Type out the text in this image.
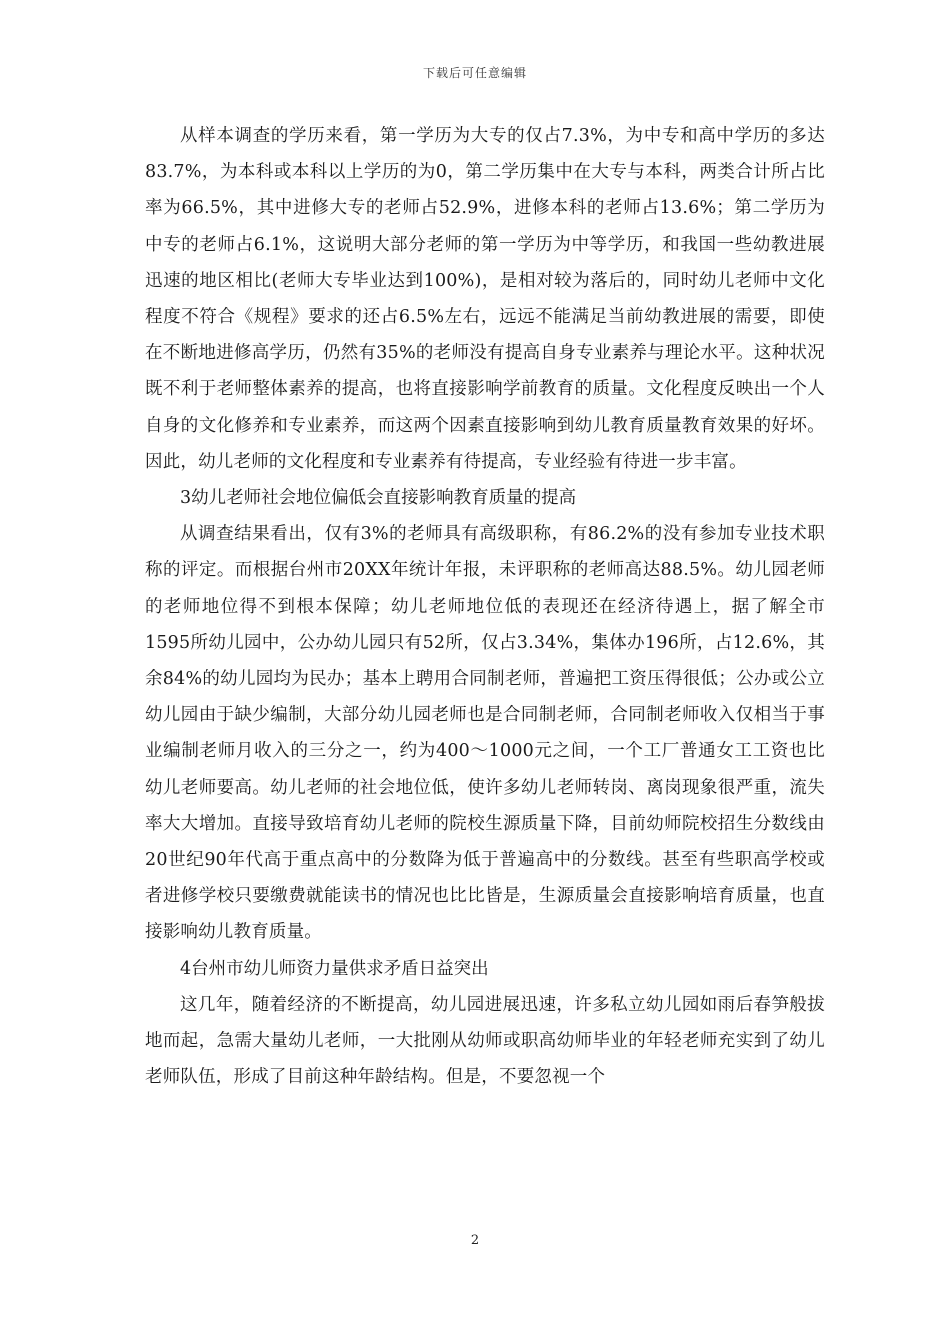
下载后可任意编辑

从样本调查的学历来看，第一学历为大专的仅占7.3%，为中专和高中学历的多达83.7%，为本科或本科以上学历的为0，第二学历集中在大专与本科，两类合计所占比率为66.5%，其中进修大专的老师占52.9%，进修本科的老师占13.6%；第二学历为中专的老师占6.1%，这说明大部分老师的第一学历为中等学历，和我国一些幼教进展迅速的地区相比(老师大专毕业达到100%)，是相对较为落后的，同时幼儿老师中文化程度不符合《规程》要求的还占6.5%左右，远远不能满足当前幼教进展的需要，即使在不断地进修高学历，仍然有35%的老师没有提高自身专业素养与理论水平。这种状况既不利于老师整体素养的提高，也将直接影响学前教育的质量。文化程度反映出一个人自身的文化修养和专业素养，而这两个因素直接影响到幼儿教育质量教育效果的好坏。因此，幼儿老师的文化程度和专业素养有待提高，专业经验有待进一步丰富。

3幼儿老师社会地位偏低会直接影响教育质量的提高

从调查结果看出，仅有3%的老师具有高级职称，有86.2%的没有参加专业技术职称的评定。而根据台州市20XX年统计年报，未评职称的老师高达88.5%。幼儿园老师的老师地位得不到根本保障；幼儿老师地位低的表现还在经济待遇上，据了解全市1595所幼儿园中，公办幼儿园只有52所，仅占3.34%，集体办196所，占12.6%，其余84%的幼儿园均为民办；基本上聘用合同制老师，普遍把工资压得很低；公办或公立幼儿园由于缺少编制，大部分幼儿园老师也是合同制老师，合同制老师收入仅相当于事业编制老师月收入的三分之一，约为400～1000元之间，一个工厂普通女工工资也比幼儿老师要高。幼儿老师的社会地位低，使许多幼儿老师转岗、离岗现象很严重，流失率大大增加。直接导致培育幼儿老师的院校生源质量下降，目前幼师院校招生分数线由20世纪90年代高于重点高中的分数降为低于普遍高中的分数线。甚至有些职高学校或者进修学校只要缴费就能读书的情况也比比皆是，生源质量会直接影响培育质量，也直接影响幼儿教育质量。

4台州市幼儿师资力量供求矛盾日益突出

这几年，随着经济的不断提高，幼儿园进展迅速，许多私立幼儿园如雨后春笋般拔地而起，急需大量幼儿老师，一大批刚从幼师或职高幼师毕业的年轻老师充实到了幼儿老师队伍，形成了目前这种年龄结构。但是，不要忽视一个

2
